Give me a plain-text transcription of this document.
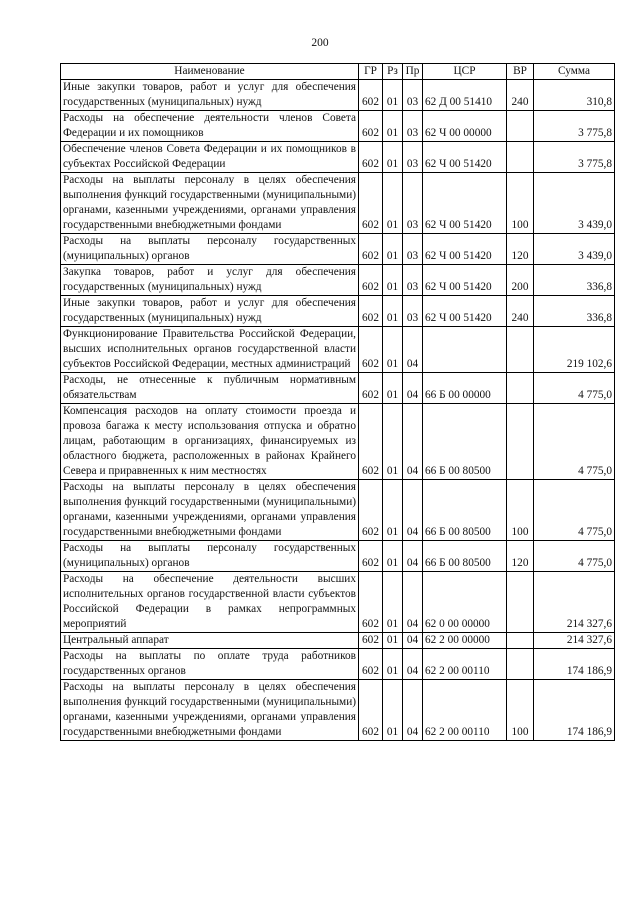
200
Наименование	ГР	Рз	Пр	ЦСР	ВР	Сумма
Иные закупки товаров, работ и услуг для обеспечения государственных (муниципальных) нужд	602	01	03	62 Д 00 51410	240	310,8
Расходы на обеспечение деятельности членов Совета Федерации и их помощников	602	01	03	62 Ч 00 00000		3 775,8
Обеспечение членов Совета Федерации и их помощников в субъектах Российской Федерации	602	01	03	62 Ч 00 51420		3 775,8
Расходы на выплаты персоналу в целях обеспечения выполнения функций государственными (муниципальными) органами, казенными учреждениями, органами управления государственными внебюджетными фондами	602	01	03	62 Ч 00 51420	100	3 439,0
Расходы на выплаты персоналу государственных (муниципальных) органов	602	01	03	62 Ч 00 51420	120	3 439,0
Закупка товаров, работ и услуг для обеспечения государственных (муниципальных) нужд	602	01	03	62 Ч 00 51420	200	336,8
Иные закупки товаров, работ и услуг для обеспечения государственных (муниципальных) нужд	602	01	03	62 Ч 00 51420	240	336,8
Функционирование Правительства Российской Федерации, высших исполнительных органов государственной власти субъектов Российской Федерации, местных администраций	602	01	04			219 102,6
Расходы, не отнесенные к публичным нормативным обязательствам	602	01	04	66 Б 00 00000		4 775,0
Компенсация расходов на оплату стоимости проезда и провоза багажа к месту использования отпуска и обратно лицам, работающим в организациях, финансируемых из областного бюджета, расположенных в районах Крайнего Севера и приравненных к ним местностях	602	01	04	66 Б 00 80500		4 775,0
Расходы на выплаты персоналу в целях обеспечения выполнения функций государственными (муниципальными) органами, казенными учреждениями, органами управления государственными внебюджетными фондами	602	01	04	66 Б 00 80500	100	4 775,0
Расходы на выплаты персоналу государственных (муниципальных) органов	602	01	04	66 Б 00 80500	120	4 775,0
Расходы на обеспечение деятельности высших исполнительных органов государственной власти субъектов Российской Федерации в рамках непрограммных мероприятий	602	01	04	62 0 00 00000		214 327,6
Центральный аппарат	602	01	04	62 2 00 00000		214 327,6
Расходы на выплаты по оплате труда работников государственных органов	602	01	04	62 2 00 00110		174 186,9
Расходы на выплаты персоналу в целях обеспечения выполнения функций государственными (муниципальными) органами, казенными учреждениями, органами управления государственными внебюджетными фондами	602	01	04	62 2 00 00110	100	174 186,9
